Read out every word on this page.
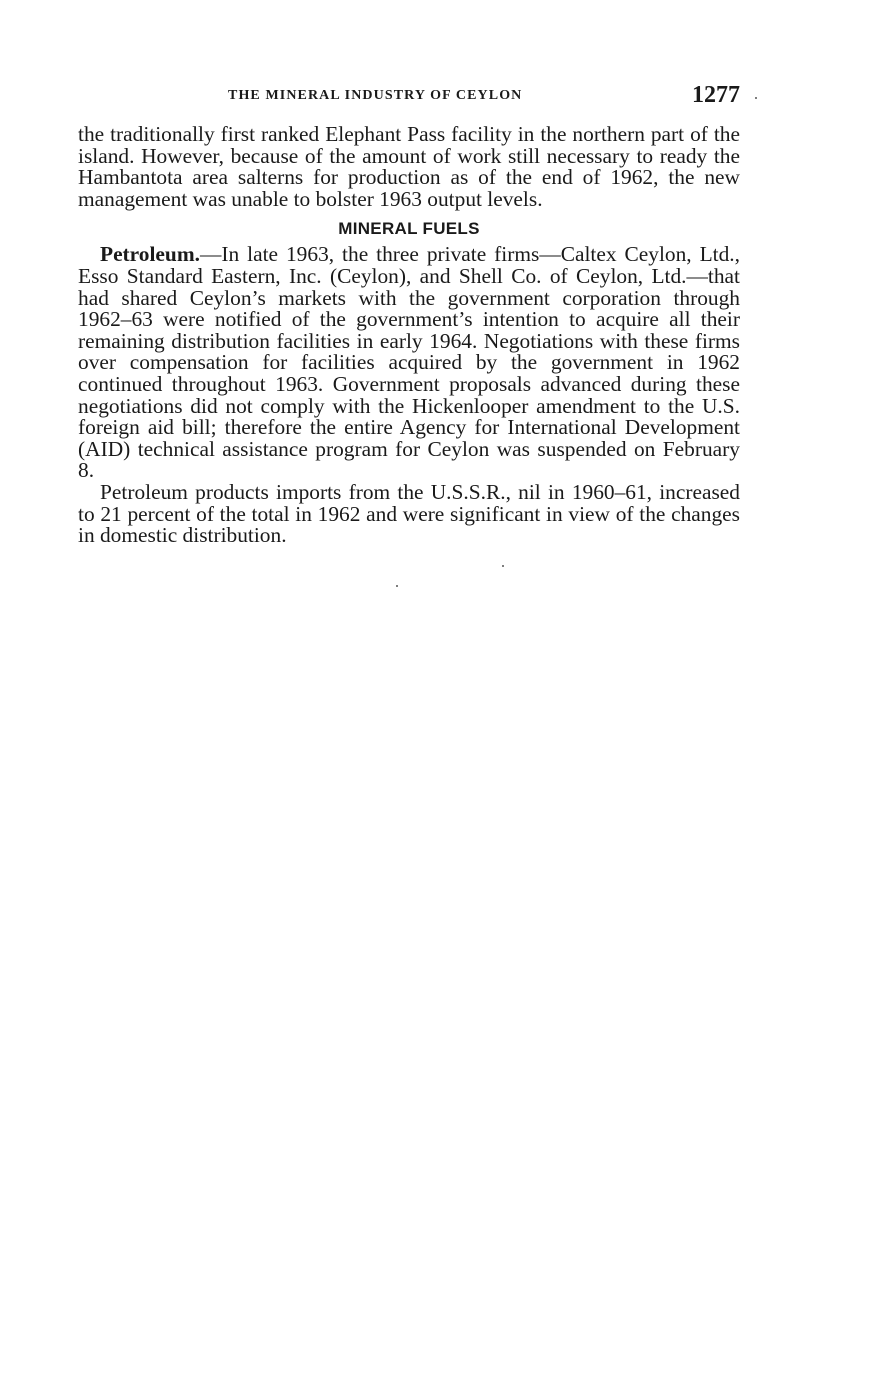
THE MINERAL INDUSTRY OF CEYLON	1277

the traditionally first ranked Elephant Pass facility in the northern part of the island. However, because of the amount of work still necessary to ready the Hambantota area salterns for production as of the end of 1962, the new management was unable to bolster 1963 output levels.

MINERAL FUELS

Petroleum.—In late 1963, the three private firms—Caltex Ceylon, Ltd., Esso Standard Eastern, Inc. (Ceylon), and Shell Co. of Ceylon, Ltd.—that had shared Ceylon’s markets with the government corporation through 1962–63 were notified of the government’s intention to acquire all their remaining distribution facilities in early 1964. Negotiations with these firms over compensation for facilities acquired by the government in 1962 continued throughout 1963. Government proposals advanced during these negotiations did not comply with the Hickenlooper amendment to the U.S. foreign aid bill; therefore the entire Agency for International Development (AID) technical assistance program for Ceylon was suspended on February 8.

Petroleum products imports from the U.S.S.R., nil in 1960–61, increased to 21 percent of the total in 1962 and were significant in view of the changes in domestic distribution.
